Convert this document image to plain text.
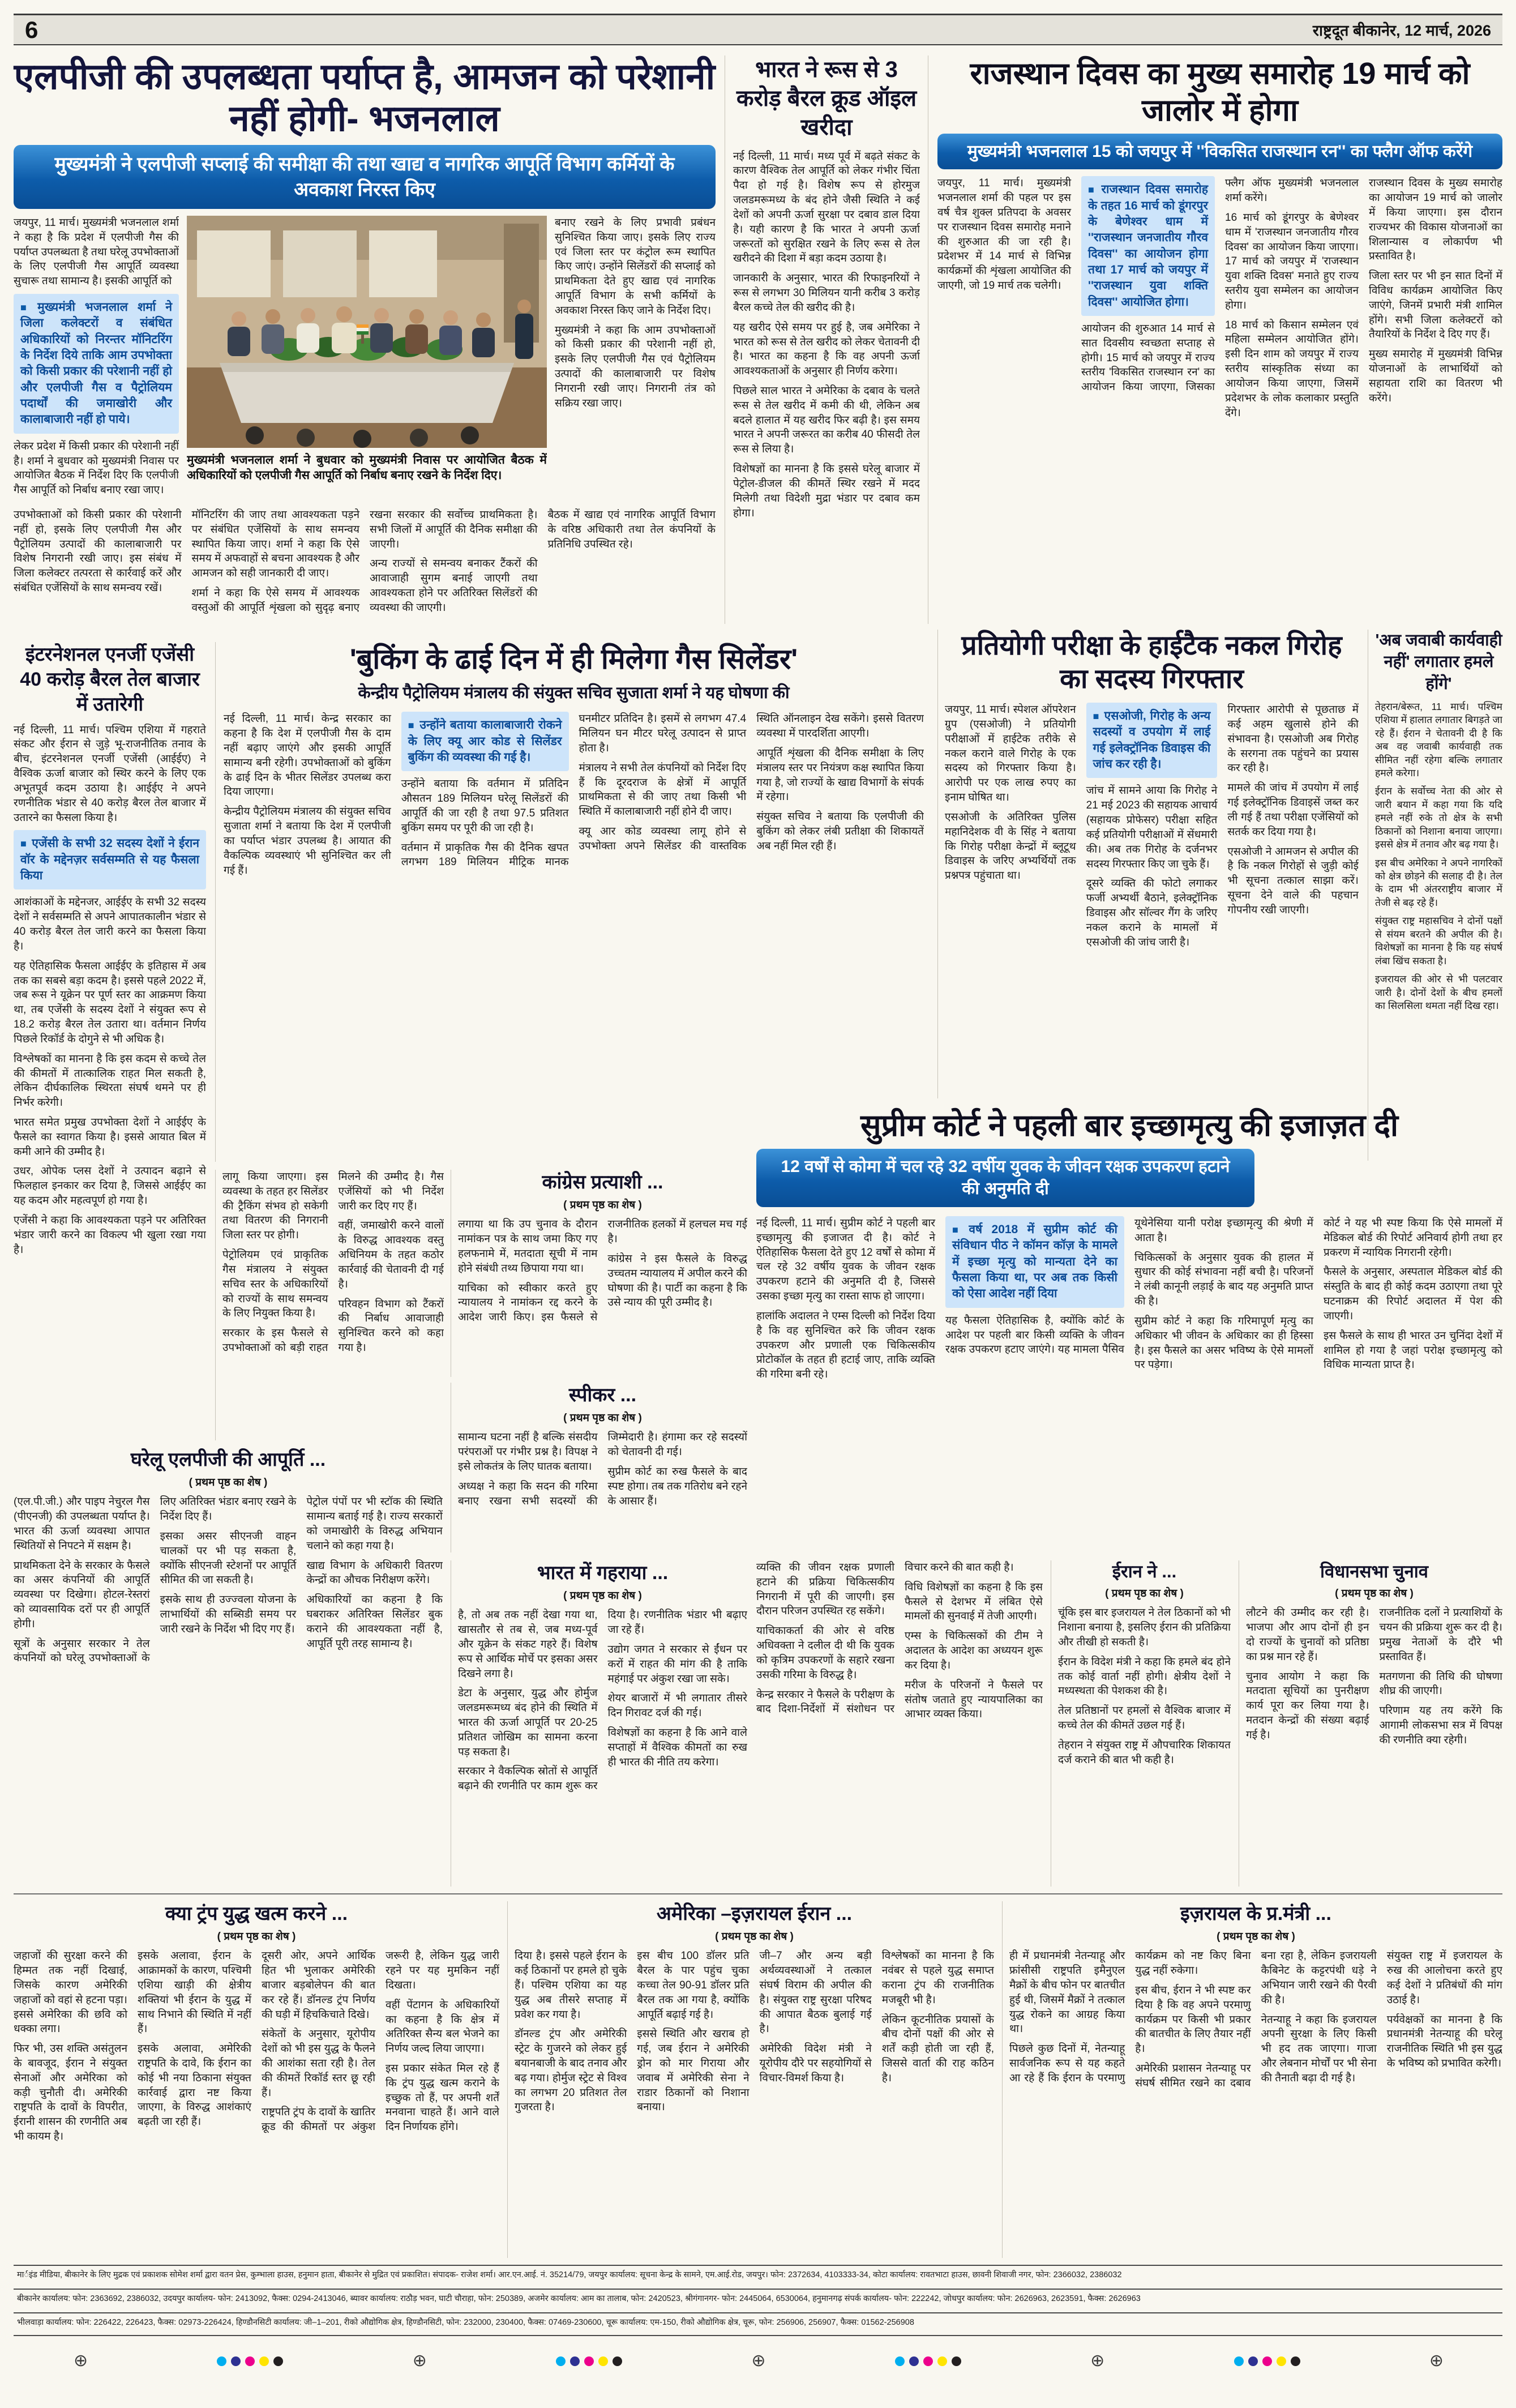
6	राष्ट्रदूत बीकानेर, 12 मार्च, 2026
एलपीजी की उपलब्धता पर्याप्त है, आमजन को परेशानी नहीं होगी- भजनलाल
मुख्यमंत्री ने एलपीजी सप्लाई की समीक्षा की तथा खाद्य व नागरिक आपूर्ति विभाग कर्मियों के अवकाश निरस्त किए

जयपुर, 11 मार्च। मुख्यमंत्री भजनलाल शर्मा ने कहा है कि प्रदेश में एलपीजी गैस की पर्याप्त उपलब्धता है तथा घरेलू उपभोक्ताओं के लिए एलपीजी गैस आपूर्ति व्यवस्था सुचारू तथा सामान्य है। इसकी आपूर्ति को

■ मुख्यमंत्री भजनलाल शर्मा ने जिला कलेक्टरों व संबंधित अधिकारियों को निरन्तर मॉनिटरिंग के निर्देश दिये ताकि आम उपभोक्ता को किसी प्रकार की परेशानी नहीं हो और एलपीजी गैस व पैट्रोलियम पदार्थों की जमाखोरी और कालाबाजारी नहीं हो पाये।

लेकर प्रदेश में किसी प्रकार की परेशानी नहीं है। शर्मा ने बुधवार को मुख्यमंत्री निवास पर आयोजित बैठक में निर्देश दिए कि एलपीजी गैस आपूर्ति को निर्बाध बनाए रखा जाए।

मुख्यमंत्री भजनलाल शर्मा ने बुधवार को मुख्यमंत्री निवास पर आयोजित बैठक में अधिकारियों को एलपीजी गैस आपूर्ति को निर्बाध बनाए रखने के निर्देश दिए।

बनाए रखने के लिए प्रभावी प्रबंधन सुनिश्चित किया जाए। इसके लिए राज्य एवं जिला स्तर पर कंट्रोल रूम स्थापित किए जाएं। उन्होंने सिलेंडरों की सप्लाई को प्राथमिकता देते हुए खाद्य एवं नागरिक आपूर्ति विभाग के सभी कर्मियों के अवकाश निरस्त किए जाने के निर्देश दिए।

मुख्यमंत्री ने कहा कि आम उपभोक्ताओं को किसी प्रकार की परेशानी नहीं हो, इसके लिए एलपीजी गैस एवं पैट्रोलियम उत्पादों की कालाबाजारी पर विशेष निगरानी रखी जाए। निगरानी तंत्र को सक्रिय रखा जाए।

उपभोक्ताओं को किसी प्रकार की परेशानी नहीं हो, इसके लिए एलपीजी गैस और पैट्रोलियम उत्पादों की कालाबाजारी पर विशेष निगरानी रखी जाए। इस संबंध में जिला कलेक्टर तत्परता से कार्रवाई करें और संबंधित एजेंसियों के साथ समन्वय रखें।

मॉनिटरिंग की जाए तथा आवश्यकता पड़ने पर संबंधित एजेंसियों के साथ समन्वय स्थापित किया जाए। शर्मा ने कहा कि ऐसे समय में अफवाहों से बचना आवश्यक है और आमजन को सही जानकारी दी जाए।

शर्मा ने कहा कि ऐसे समय में आवश्यक वस्तुओं की आपूर्ति शृंखला को सुदृढ़ बनाए रखना सरकार की सर्वोच्च प्राथमिकता है। सभी जिलों में आपूर्ति की दैनिक समीक्षा की जाएगी।

अन्य राज्यों से समन्वय बनाकर टैंकरों की आवाजाही सुगम बनाई जाएगी तथा आवश्यकता होने पर अतिरिक्त सिलेंडरों की व्यवस्था की जाएगी।

बैठक में खाद्य एवं नागरिक आपूर्ति विभाग के वरिष्ठ अधिकारी तथा तेल कंपनियों के प्रतिनिधि उपस्थित रहे।

भारत ने रूस से 3 करोड़ बैरल क्रूड ऑइल खरीदा

नई दिल्ली, 11 मार्च। मध्य पूर्व में बढ़ते संकट के कारण वैश्विक तेल आपूर्ति को लेकर गंभीर चिंता पैदा हो गई है। विशेष रूप से होरमुज जलडमरूमध्य के बंद होने जैसी स्थिति ने कई देशों को अपनी ऊर्जा सुरक्षा पर दबाव डाल दिया है। यही कारण है कि भारत ने अपनी ऊर्जा जरूरतों को सुरक्षित रखने के लिए रूस से तेल खरीदने की दिशा में बड़ा कदम उठाया है।

जानकारी के अनुसार, भारत की रिफाइनरियों ने रूस से लगभग 30 मिलियन यानी करीब 3 करोड़ बैरल कच्चे तेल की खरीद की है।

यह खरीद ऐसे समय पर हुई है, जब अमेरिका ने भारत को रूस से तेल खरीद को लेकर चेतावनी दी है। भारत का कहना है कि वह अपनी ऊर्जा आवश्यकताओं के अनुसार ही निर्णय करेगा।

पिछले साल भारत ने अमेरिका के दबाव के चलते रूस से तेल खरीद में कमी की थी, लेकिन अब बदले हालात में यह खरीद फिर बढ़ी है। इस समय भारत ने अपनी जरूरत का करीब 40 फीसदी तेल रूस से लिया है।

विशेषज्ञों का मानना है कि इससे घरेलू बाजार में पेट्रोल-डीजल की कीमतें स्थिर रखने में मदद मिलेगी तथा विदेशी मुद्रा भंडार पर दबाव कम होगा।

राजस्थान दिवस का मुख्य समारोह 19 मार्च को जालोर में होगा
मुख्यमंत्री भजनलाल 15 को जयपुर में ''विकसित राजस्थान रन'' का फ्लैग ऑफ करेंगे

जयपुर, 11 मार्च। मुख्यमंत्री भजनलाल शर्मा की पहल पर इस वर्ष चैत्र शुक्ल प्रतिपदा के अवसर पर राजस्थान दिवस समारोह मनाने की शुरुआत की जा रही है। प्रदेशभर में 14 मार्च से विभिन्न कार्यक्रमों की शृंखला आयोजित की जाएगी, जो 19 मार्च तक चलेगी।

■ राजस्थान दिवस समारोह के तहत 16 मार्च को डूंगरपुर के बेणेश्वर धाम में ''राजस्थान जनजातीय गौरव दिवस'' का आयोजन होगा तथा 17 मार्च को जयपुर में ''राजस्थान युवा शक्ति दिवस'' आयोजित होगा।

आयोजन की शुरुआत 14 मार्च से सात दिवसीय स्वच्छता सप्ताह से होगी। 15 मार्च को जयपुर में राज्य स्तरीय 'विकसित राजस्थान रन' का आयोजन किया जाएगा, जिसका फ्लैग ऑफ मुख्यमंत्री भजनलाल शर्मा करेंगे।

16 मार्च को डूंगरपुर के बेणेश्वर धाम में 'राजस्थान जनजातीय गौरव दिवस' का आयोजन किया जाएगा। 17 मार्च को जयपुर में 'राजस्थान युवा शक्ति दिवस' मनाते हुए राज्य स्तरीय युवा सम्मेलन का आयोजन होगा।

18 मार्च को किसान सम्मेलन एवं महिला सम्मेलन आयोजित होंगे। इसी दिन शाम को जयपुर में राज्य स्तरीय सांस्कृतिक संध्या का आयोजन किया जाएगा, जिसमें प्रदेशभर के लोक कलाकार प्रस्तुति देंगे।

राजस्थान दिवस के मुख्य समारोह का आयोजन 19 मार्च को जालोर में किया जाएगा। इस दौरान राज्यभर की विकास योजनाओं का शिलान्यास व लोकार्पण भी प्रस्तावित है।

जिला स्तर पर भी इन सात दिनों में विविध कार्यक्रम आयोजित किए जाएंगे, जिनमें प्रभारी मंत्री शामिल होंगे। सभी जिला कलेक्टरों को तैयारियों के निर्देश दे दिए गए हैं।

मुख्य समारोह में मुख्यमंत्री विभिन्न योजनाओं के लाभार्थियों को सहायता राशि का वितरण भी करेंगे।

इंटरनेशनल एनर्जी एजेंसी 40 करोड़ बैरल तेल बाजार में उतारेगी

नई दिल्ली, 11 मार्च। पश्चिम एशिया में गहराते संकट और ईरान से जुड़े भू-राजनीतिक तनाव के बीच, इंटरनेशनल एनर्जी एजेंसी (आईईए) ने वैश्विक ऊर्जा बाजार को स्थिर करने के लिए एक अभूतपूर्व कदम उठाया है। आईईए ने अपने रणनीतिक भंडार से 40 करोड़ बैरल तेल बाजार में उतारने का फैसला किया है।

■ एजेंसी के सभी 32 सदस्य देशों ने ईरान वॉर के मद्देनज़र सर्वसम्मति से यह फैसला किया

आशंकाओं के मद्देनजर, आईईए के सभी 32 सदस्य देशों ने सर्वसम्मति से अपने आपातकालीन भंडार से 40 करोड़ बैरल तेल जारी करने का फैसला किया है।

यह ऐतिहासिक फैसला आईईए के इतिहास में अब तक का सबसे बड़ा कदम है। इससे पहले 2022 में, जब रूस ने यूक्रेन पर पूर्ण स्तर का आक्रमण किया था, तब एजेंसी के सदस्य देशों ने संयुक्त रूप से 18.2 करोड़ बैरल तेल उतारा था। वर्तमान निर्णय पिछले रिकॉर्ड के दोगुने से भी अधिक है।

विश्लेषकों का मानना है कि इस कदम से कच्चे तेल की कीमतों में तात्कालिक राहत मिल सकती है, लेकिन दीर्घकालिक स्थिरता संघर्ष थमने पर ही निर्भर करेगी।

भारत समेत प्रमुख उपभोक्ता देशों ने आईईए के फैसले का स्वागत किया है। इससे आयात बिल में कमी आने की उम्मीद है।

उधर, ओपेक प्लस देशों ने उत्पादन बढ़ाने से फिलहाल इनकार कर दिया है, जिससे आईईए का यह कदम और महत्वपूर्ण हो गया है।

एजेंसी ने कहा कि आवश्यकता पड़ने पर अतिरिक्त भंडार जारी करने का विकल्प भी खुला रखा गया है।

'बुकिंग के ढाई दिन में ही मिलेगा गैस सिलेंडर'
केन्द्रीय पैट्रोलियम मंत्रालय की संयुक्त सचिव सुजाता शर्मा ने यह घोषणा की

नई दिल्ली, 11 मार्च। केन्द्र सरकार का कहना है कि देश में एलपीजी गैस के दाम नहीं बढ़ाए जाएंगे और इसकी आपूर्ति सामान्य बनी रहेगी। उपभोक्ताओं को बुकिंग के ढाई दिन के भीतर सिलेंडर उपलब्ध करा दिया जाएगा।

केन्द्रीय पैट्रोलियम मंत्रालय की संयुक्त सचिव सुजाता शर्मा ने बताया कि देश में एलपीजी का पर्याप्त भंडार उपलब्ध है। आयात की वैकल्पिक व्यवस्थाएं भी सुनिश्चित कर ली गई हैं।

■ उन्होंने बताया कालाबाजारी रोकने के लिए क्यू आर कोड से सिलेंडर बुकिंग की व्यवस्था की गई है।

उन्होंने बताया कि वर्तमान में प्रतिदिन औसतन 189 मिलियन घरेलू सिलेंडरों की आपूर्ति की जा रही है तथा 97.5 प्रतिशत बुकिंग समय पर पूरी की जा रही है।

वर्तमान में प्राकृतिक गैस की दैनिक खपत लगभग 189 मिलियन मीट्रिक मानक घनमीटर प्रतिदिन है। इसमें से लगभग 47.4 मिलियन घन मीटर घरेलू उत्पादन से प्राप्त होता है।

मंत्रालय ने सभी तेल कंपनियों को निर्देश दिए हैं कि दूरदराज के क्षेत्रों में आपूर्ति प्राथमिकता से की जाए तथा किसी भी स्थिति में कालाबाजारी नहीं होने दी जाए।

क्यू आर कोड व्यवस्था लागू होने से उपभोक्ता अपने सिलेंडर की वास्तविक स्थिति ऑनलाइन देख सकेंगे। इससे वितरण व्यवस्था में पारदर्शिता आएगी।

आपूर्ति शृंखला की दैनिक समीक्षा के लिए मंत्रालय स्तर पर नियंत्रण कक्ष स्थापित किया गया है, जो राज्यों के खाद्य विभागों के संपर्क में रहेगा।

संयुक्त सचिव ने बताया कि एलपीजी की बुकिंग को लेकर लंबी प्रतीक्षा की शिकायतें अब नहीं मिल रही हैं।

प्रतियोगी परीक्षा के हाईटैक नकल गिरोह का सदस्य गिरफ्तार

जयपुर, 11 मार्च। स्पेशल ऑपरेशन ग्रुप (एसओजी) ने प्रतियोगी परीक्षाओं में हाईटेक तरीके से नकल कराने वाले गिरोह के एक सदस्य को गिरफ्तार किया है। आरोपी पर एक लाख रुपए का इनाम घोषित था।

एसओजी के अतिरिक्त पुलिस महानिदेशक वी के सिंह ने बताया कि गिरोह परीक्षा केन्द्रों में ब्लूटूथ डिवाइस के जरिए अभ्यर्थियों तक प्रश्नपत्र पहुंचाता था।

■ एसओजी, गिरोह के अन्य सदस्यों व उपयोग में लाई गई इलेक्ट्रॉनिक डिवाइस की जांच कर रही है।

जांच में सामने आया कि गिरोह ने 21 मई 2023 की सहायक आचार्य (सहायक प्रोफेसर) परीक्षा सहित कई प्रतियोगी परीक्षाओं में सेंधमारी की। अब तक गिरोह के दर्जनभर सदस्य गिरफ्तार किए जा चुके हैं।

दूसरे व्यक्ति की फोटो लगाकर फर्जी अभ्यर्थी बैठाने, इलेक्ट्रॉनिक डिवाइस और सॉल्वर गैंग के जरिए नकल कराने के मामलों में एसओजी की जांच जारी है।

गिरफ्तार आरोपी से पूछताछ में कई अहम खुलासे होने की संभावना है। एसओजी अब गिरोह के सरगना तक पहुंचने का प्रयास कर रही है।

मामले की जांच में उपयोग में लाई गई इलेक्ट्रॉनिक डिवाइसें जब्त कर ली गई हैं तथा परीक्षा एजेंसियों को सतर्क कर दिया गया है।

एसओजी ने आमजन से अपील की है कि नकल गिरोहों से जुड़ी कोई भी सूचना तत्काल साझा करें। सूचना देने वाले की पहचान गोपनीय रखी जाएगी।

'अब जवाबी कार्यवाही नहीं' लगातार हमले होंगे'

तेहरान/बेरूत, 11 मार्च। पश्चिम एशिया में हालात लगातार बिगड़ते जा रहे हैं। ईरान ने चेतावनी दी है कि अब वह जवाबी कार्यवाही तक सीमित नहीं रहेगा बल्कि लगातार हमले करेगा।

ईरान के सर्वोच्च नेता की ओर से जारी बयान में कहा गया कि यदि हमले नहीं रुके तो क्षेत्र के सभी ठिकानों को निशाना बनाया जाएगा। इससे क्षेत्र में तनाव और बढ़ गया है।

इस बीच अमेरिका ने अपने नागरिकों को क्षेत्र छोड़ने की सलाह दी है। तेल के दाम भी अंतरराष्ट्रीय बाजार में तेजी से बढ़ रहे हैं।

संयुक्त राष्ट्र महासचिव ने दोनों पक्षों से संयम बरतने की अपील की है। विशेषज्ञों का मानना है कि यह संघर्ष लंबा खिंच सकता है।

इजरायल की ओर से भी पलटवार जारी है। दोनों देशों के बीच हमलों का सिलसिला थमता नहीं दिख रहा।

सुप्रीम कोर्ट ने पहली बार इच्छामृत्यु की इजाज़त दी
12 वर्षों से कोमा में चल रहे 32 वर्षीय युवक के जीवन रक्षक उपकरण हटाने की अनुमति दी

नई दिल्ली, 11 मार्च। सुप्रीम कोर्ट ने पहली बार इच्छामृत्यु की इजाजत दी है। कोर्ट ने ऐतिहासिक फैसला देते हुए 12 वर्षों से कोमा में चल रहे 32 वर्षीय युवक के जीवन रक्षक उपकरण हटाने की अनुमति दी है, जिससे उसका इच्छा मृत्यु का रास्ता साफ हो जाएगा।

हालांकि अदालत ने एम्स दिल्ली को निर्देश दिया है कि वह सुनिश्चित करे कि जीवन रक्षक उपकरण और प्रणाली एक चिकित्सकीय प्रोटोकॉल के तहत ही हटाई जाए, ताकि व्यक्ति की गरिमा बनी रहे।

■ वर्ष 2018 में सुप्रीम कोर्ट की संविधान पीठ ने कॉमन कॉज़ के मामले में इच्छा मृत्यु को मान्यता देने का फैसला किया था, पर अब तक किसी को ऐसा आदेश नहीं दिया

यह फैसला ऐतिहासिक है, क्योंकि कोर्ट के आदेश पर पहली बार किसी व्यक्ति के जीवन रक्षक उपकरण हटाए जाएंगे। यह मामला पैसिव यूथेनेसिया यानी परोक्ष इच्छामृत्यु की श्रेणी में आता है।

चिकित्सकों के अनुसार युवक की हालत में सुधार की कोई संभावना नहीं बची है। परिजनों ने लंबी कानूनी लड़ाई के बाद यह अनुमति प्राप्त की है।

सुप्रीम कोर्ट ने कहा कि गरिमापूर्ण मृत्यु का अधिकार भी जीवन के अधिकार का ही हिस्सा है। इस फैसले का असर भविष्य के ऐसे मामलों पर पड़ेगा।

कोर्ट ने यह भी स्पष्ट किया कि ऐसे मामलों में मेडिकल बोर्ड की रिपोर्ट अनिवार्य होगी तथा हर प्रकरण में न्यायिक निगरानी रहेगी।

फैसले के अनुसार, अस्पताल मेडिकल बोर्ड की संस्तुति के बाद ही कोई कदम उठाएगा तथा पूरे घटनाक्रम की रिपोर्ट अदालत में पेश की जाएगी।

इस फैसले के साथ ही भारत उन चुनिंदा देशों में शामिल हो गया है जहां परोक्ष इच्छामृत्यु को विधिक मान्यता प्राप्त है।

व्यक्ति की जीवन रक्षक प्रणाली हटाने की प्रक्रिया चिकित्सकीय निगरानी में पूरी की जाएगी। इस दौरान परिजन उपस्थित रह सकेंगे।

याचिकाकर्ता की ओर से वरिष्ठ अधिवक्ता ने दलील दी थी कि युवक को कृत्रिम उपकरणों के सहारे रखना उसकी गरिमा के विरुद्ध है।

केन्द्र सरकार ने फैसले के परीक्षण के बाद दिशा-निर्देशों में संशोधन पर विचार करने की बात कही है।

विधि विशेषज्ञों का कहना है कि इस फैसले से देशभर में लंबित ऐसे मामलों की सुनवाई में तेजी आएगी।

एम्स के चिकित्सकों की टीम ने अदालत के आदेश का अध्ययन शुरू कर दिया है।

मरीज के परिजनों ने फैसले पर संतोष जताते हुए न्यायपालिका का आभार व्यक्त किया।

लागू किया जाएगा। इस व्यवस्था के तहत हर सिलेंडर की ट्रैकिंग संभव हो सकेगी तथा वितरण की निगरानी जिला स्तर पर होगी।

पेट्रोलियम एवं प्राकृतिक गैस मंत्रालय ने संयुक्त सचिव स्तर के अधिकारियों को राज्यों के साथ समन्वय के लिए नियुक्त किया है।

सरकार के इस फैसले से उपभोक्ताओं को बड़ी राहत मिलने की उम्मीद है। गैस एजेंसियों को भी निर्देश जारी कर दिए गए हैं।

वहीं, जमाखोरी करने वालों के विरुद्ध आवश्यक वस्तु अधिनियम के तहत कठोर कार्रवाई की चेतावनी दी गई है।

परिवहन विभाग को टैंकरों की निर्बाध आवाजाही सुनिश्चित करने को कहा गया है।

कांग्रेस प्रत्याशी ...
( प्रथम पृष्ठ का शेष )

लगाया था कि उप चुनाव के दौरान नामांकन पत्र के साथ जमा किए गए हलफनामे में, मतदाता सूची में नाम होने संबंधी तथ्य छिपाया गया था।

याचिका को स्वीकार करते हुए न्यायालय ने नामांकन रद्द करने के आदेश जारी किए। इस फैसले से राजनीतिक हलकों में हलचल मच गई है।

कांग्रेस ने इस फैसले के विरुद्ध उच्चतम न्यायालय में अपील करने की घोषणा की है। पार्टी का कहना है कि उसे न्याय की पूरी उम्मीद है।

स्पीकर ...
( प्रथम पृष्ठ का शेष )

सामान्य घटना नहीं है बल्कि संसदीय परंपराओं पर गंभीर प्रश्न है। विपक्ष ने इसे लोकतंत्र के लिए घातक बताया।

अध्यक्ष ने कहा कि सदन की गरिमा बनाए रखना सभी सदस्यों की जिम्मेदारी है। हंगामा कर रहे सदस्यों को चेतावनी दी गई।

सुप्रीम कोर्ट का रुख फैसले के बाद स्पष्ट होगा। तब तक गतिरोध बने रहने के आसार हैं।

घरेलू एलपीजी की आपूर्ति ...
( प्रथम पृष्ठ का शेष )

(एल.पी.जी.) और पाइप नेचुरल गैस (पीएनजी) की उपलब्धता पर्याप्त है। भारत की ऊर्जा व्यवस्था आपात स्थितियों से निपटने में सक्षम है।

प्राथमिकता देने के सरकार के फैसले का असर कंपनियों की आपूर्ति व्यवस्था पर दिखेगा। होटल-रेस्तरां को व्यावसायिक दरों पर ही आपूर्ति होगी।

सूत्रों के अनुसार सरकार ने तेल कंपनियों को घरेलू उपभोक्ताओं के लिए अतिरिक्त भंडार बनाए रखने के निर्देश दिए हैं।

इसका असर सीएनजी वाहन चालकों पर भी पड़ सकता है, क्योंकि सीएनजी स्टेशनों पर आपूर्ति सीमित की जा सकती है।

इसके साथ ही उज्ज्वला योजना के लाभार्थियों की सब्सिडी समय पर जारी रखने के निर्देश भी दिए गए हैं।

पेट्रोल पंपों पर भी स्टॉक की स्थिति सामान्य बताई गई है। राज्य सरकारों को जमाखोरी के विरुद्ध अभियान चलाने को कहा गया है।

खाद्य विभाग के अधिकारी वितरण केन्द्रों का औचक निरीक्षण करेंगे।

अधिकारियों का कहना है कि घबराकर अतिरिक्त सिलेंडर बुक कराने की आवश्यकता नहीं है, आपूर्ति पूरी तरह सामान्य है।

भारत में गहराया ...
( प्रथम पृष्ठ का शेष )

है, तो अब तक नहीं देखा गया था, खासतौर से तब से, जब मध्य-पूर्व और यूक्रेन के संकट गहरे हैं। विशेष रूप से आर्थिक मोर्चे पर इसका असर दिखने लगा है।

डेटा के अनुसार, युद्ध और होर्मुज जलडमरूमध्य बंद होने की स्थिति में भारत की ऊर्जा आपूर्ति पर 20-25 प्रतिशत जोखिम का सामना करना पड़ सकता है।

सरकार ने वैकल्पिक स्रोतों से आपूर्ति बढ़ाने की रणनीति पर काम शुरू कर दिया है। रणनीतिक भंडार भी बढ़ाए जा रहे हैं।

उद्योग जगत ने सरकार से ईंधन पर करों में राहत की मांग की है ताकि महंगाई पर अंकुश रखा जा सके।

शेयर बाजारों में भी लगातार तीसरे दिन गिरावट दर्ज की गई।

विशेषज्ञों का कहना है कि आने वाले सप्ताहों में वैश्विक कीमतों का रुख ही भारत की नीति तय करेगा।

ईरान ने ...
( प्रथम पृष्ठ का शेष )

चूंकि इस बार इजरायल ने तेल ठिकानों को भी निशाना बनाया है, इसलिए ईरान की प्रतिक्रिया और तीखी हो सकती है।

ईरान के विदेश मंत्री ने कहा कि हमले बंद होने तक कोई वार्ता नहीं होगी। क्षेत्रीय देशों ने मध्यस्थता की पेशकश की है।

तेल प्रतिष्ठानों पर हमलों से वैश्विक बाजार में कच्चे तेल की कीमतें उछल गई हैं।

तेहरान ने संयुक्त राष्ट्र में औपचारिक शिकायत दर्ज कराने की बात भी कही है।

विधानसभा चुनाव
( प्रथम पृष्ठ का शेष )

लौटने की उम्मीद कर रही है। भाजपा और आप दोनों ही इन दो राज्यों के चुनावों को प्रतिष्ठा का प्रश्न मान रहे हैं।

चुनाव आयोग ने कहा कि मतदाता सूचियों का पुनरीक्षण कार्य पूरा कर लिया गया है। मतदान केन्द्रों की संख्या बढ़ाई गई है।

राजनीतिक दलों ने प्रत्याशियों के चयन की प्रक्रिया शुरू कर दी है। प्रमुख नेताओं के दौरे भी प्रस्तावित हैं।

मतगणना की तिथि की घोषणा शीघ्र की जाएगी।

परिणाम यह तय करेंगे कि आगामी लोकसभा सत्र में विपक्ष की रणनीति क्या रहेगी।

क्या ट्रंप युद्ध खत्म करने ...
( प्रथम पृष्ठ का शेष )

जहाजों की सुरक्षा करने की हिम्मत तक नहीं दिखाई, जिसके कारण अमेरिकी जहाजों को वहां से हटना पड़ा। इससे अमेरिका की छवि को धक्का लगा।

फिर भी, उस शक्ति असंतुलन के बावजूद, ईरान ने संयुक्त सेनाओं और अमेरिका को कड़ी चुनौती दी। अमेरिकी राष्ट्रपति के दावों के विपरीत, ईरानी शासन की रणनीति अब भी कायम है।

इसके अलावा, ईरान के आक्रामकों के कारण, पश्चिमी एशिया खाड़ी की क्षेत्रीय शक्तियां भी ईरान के युद्ध में साथ निभाने की स्थिति में नहीं हैं।

इसके अलावा, अमेरिकी राष्ट्रपति के दावे, कि ईरान का कोई भी नया ठिकाना संयुक्त कार्रवाई द्वारा नष्ट किया जाएगा, के विरुद्ध आशंकाएं बढ़ती जा रही हैं।

दूसरी ओर, अपने आर्थिक हित भी भुलाकर अमेरिकी बाजार बड़बोलेपन की बात कर रहे हैं। डॉनल्ड ट्रंप निर्णय की घड़ी में हिचकिचाते दिखे।

संकेतों के अनुसार, यूरोपीय देशों को भी इस युद्ध के फैलने की आशंका सता रही है। तेल की कीमतें रिकॉर्ड स्तर छू रही हैं।

राष्ट्रपति ट्रंप के दावों के खातिर क्रूड की कीमतों पर अंकुश जरूरी है, लेकिन युद्ध जारी रहने पर यह मुमकिन नहीं दिखता।

वहीं पेंटागन के अधिकारियों का कहना है कि क्षेत्र में अतिरिक्त सैन्य बल भेजने का निर्णय जल्द लिया जाएगा।

इस प्रकार संकेत मिल रहे हैं कि ट्रंप युद्ध खत्म कराने के इच्छुक तो हैं, पर अपनी शर्तें मनवाना चाहते हैं। आने वाले दिन निर्णायक होंगे।

अमेरिका –इज़रायल ईरान ...
( प्रथम पृष्ठ का शेष )

दिया है। इससे पहले ईरान के कई ठिकानों पर हमले हो चुके हैं। पश्चिम एशिया का यह युद्ध अब तीसरे सप्ताह में प्रवेश कर गया है।

डॉनल्ड ट्रंप और अमेरिकी स्ट्रेट के गुजरने को लेकर हुई बयानबाजी के बाद तनाव और बढ़ गया। होर्मुज स्ट्रेट से विश्व का लगभग 20 प्रतिशत तेल गुजरता है।

इस बीच 100 डॉलर प्रति बैरल के पार पहुंच चुका कच्चा तेल 90-91 डॉलर प्रति बैरल तक आ गया है, क्योंकि आपूर्ति बढ़ाई गई है।

इससे स्थिति और खराब हो गई, जब ईरान ने अमेरिकी ड्रोन को मार गिराया और जवाब में अमेरिकी सेना ने राडार ठिकानों को निशाना बनाया।

जी–7 और अन्य बड़ी अर्थव्यवस्थाओं ने तत्काल संघर्ष विराम की अपील की है। संयुक्त राष्ट्र सुरक्षा परिषद की आपात बैठक बुलाई गई है।

अमेरिकी विदेश मंत्री ने यूरोपीय दौरे पर सहयोगियों से विचार-विमर्श किया है।

विश्लेषकों का मानना है कि नवंबर से पहले युद्ध समाप्त कराना ट्रंप की राजनीतिक मजबूरी भी है।

लेकिन कूटनीतिक प्रयासों के बीच दोनों पक्षों की ओर से शर्तें कड़ी होती जा रही हैं, जिससे वार्ता की राह कठिन है।

इज़रायल के प्र.मंत्री ...
( प्रथम पृष्ठ का शेष )

ही में प्रधानमंत्री नेतन्याहू और फ्रांसीसी राष्ट्रपति इमैनुएल मैक्रों के बीच फोन पर बातचीत हुई थी, जिसमें मैक्रों ने तत्काल युद्ध रोकने का आग्रह किया था।

पिछले कुछ दिनों में, नेतन्याहू सार्वजनिक रूप से यह कहते आ रहे हैं कि ईरान के परमाणु कार्यक्रम को नष्ट किए बिना युद्ध नहीं रुकेगा।

इस बीच, ईरान ने भी स्पष्ट कर दिया है कि वह अपने परमाणु कार्यक्रम पर किसी भी प्रकार की बातचीत के लिए तैयार नहीं है।

अमेरिकी प्रशासन नेतन्याहू पर संघर्ष सीमित रखने का दबाव बना रहा है, लेकिन इजरायली कैबिनेट के कट्टरपंथी धड़े ने अभियान जारी रखने की पैरवी की है।

नेतन्याहू ने कहा कि इजरायल अपनी सुरक्षा के लिए किसी भी हद तक जाएगा। गाजा और लेबनान मोर्चों पर भी सेना की तैनाती बढ़ा दी गई है।

संयुक्त राष्ट्र में इजरायल के रुख की आलोचना करते हुए कई देशों ने प्रतिबंधों की मांग उठाई है।

पर्यवेक्षकों का मानना है कि प्रधानमंत्री नेतन्याहू की घरेलू राजनीतिक स्थिति भी इस युद्ध के भविष्य को प्रभावित करेगी।

मार्इंड मीडिया, बीकानेर के लिए मुद्रक एवं प्रकाशक सोमेश शर्मा द्वारा वतन प्रेस, कुम्भाला हाउस, हनुमान हाता, बीकानेर से मुद्रित एवं प्रकाशित। संपादक- राजेश शर्मा। आर.एन.आई. नं. 35214/79, जयपुर कार्यालय: सूचना केन्द्र के सामने, एम.आई.रोड, जयपुर। फोन: 2372634, 4103333-34, कोटा कार्यालय: रावतभाटा हाउस, छावनी शिवाजी नगर, फोन: 2366032, 2386032
बीकानेर कार्यालय: फोन: 2363692, 2386032, उदयपुर कार्यालय- फोन: 2413092, फैक्स: 0294-2413046, ब्यावर कार्यालय: राठौड़ भवन, घाटी चौराहा, फोन: 250389, अजमेर कार्यालय: आम का तालाब, फोन: 2420523, श्रीगंगानगर- फोन: 2445064, 6530064, हनुमानगढ़ संपर्क कार्यालय- फोन: 222242, जोधपुर कार्यालय: फोन: 2626963, 2623591, फैक्स: 2626963
भीलवाड़ा कार्यालय: फोन: 226422, 226423, फैक्स: 02973-226424, हिण्डौनसिटी कार्यालय: जी–1–201, रीको औद्योगिक क्षेत्र, हिण्डौनसिटी, फोन: 232000, 230400, फैक्स: 07469-230600, चूरू कार्यालय: एम-150, रीको औद्योगिक क्षेत्र, चूरू, फोन: 256906, 256907, फैक्स: 01562-256908
⊕	⊕	⊕	⊕	⊕
